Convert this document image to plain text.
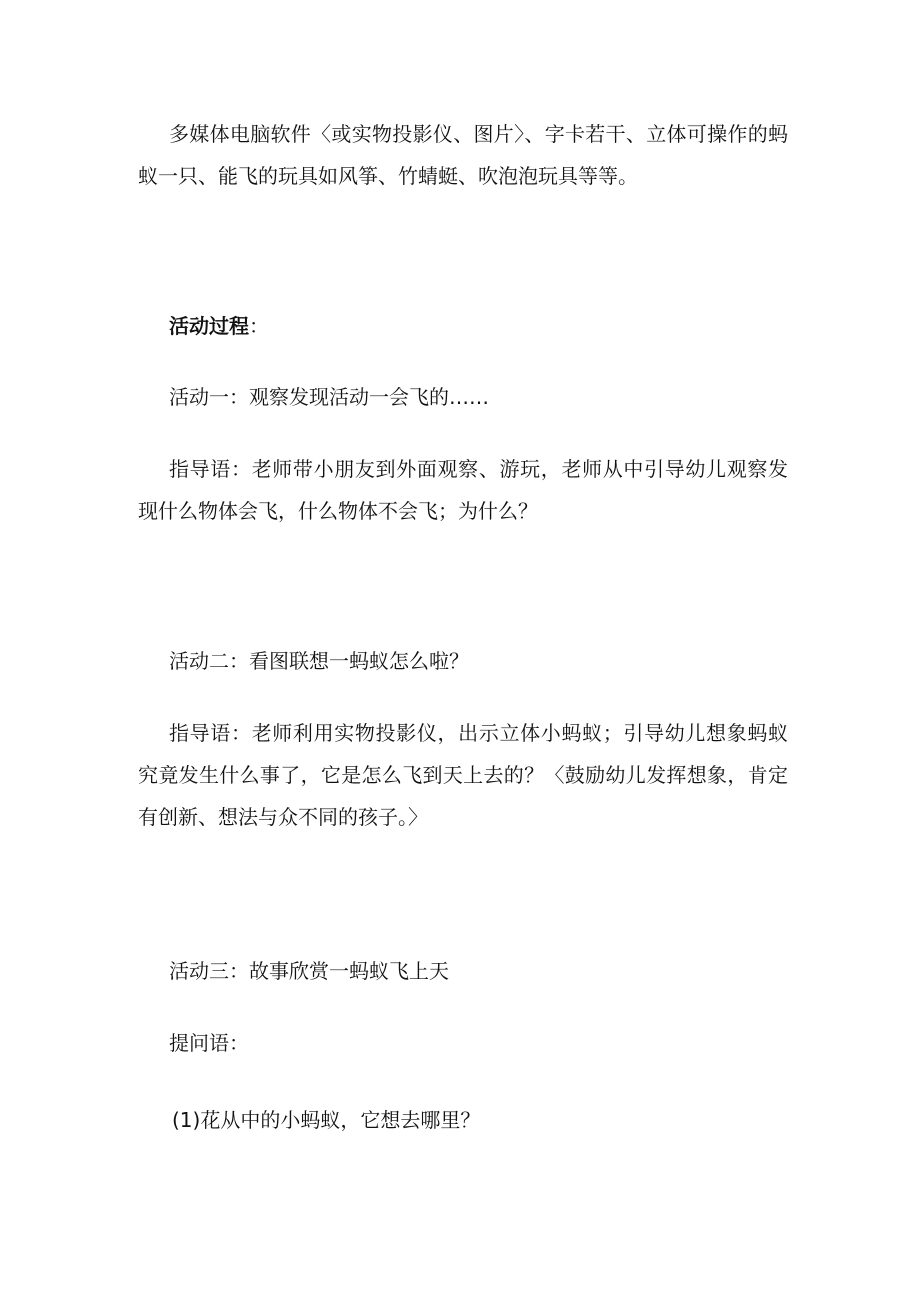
多媒体电脑软件〈或实物投影仪、图片〉、字卡若干、立体可操作的蚂蚁一只、能飞的玩具如风筝、竹蜻蜓、吹泡泡玩具等等。

活动过程：

活动一：观察发现活动一会飞的……

指导语：老师带小朋友到外面观察、游玩，老师从中引导幼儿观察发现什么物体会飞，什么物体不会飞；为什么？

活动二：看图联想一蚂蚁怎么啦？

指导语：老师利用实物投影仪，出示立体小蚂蚁；引导幼儿想象蚂蚁究竟发生什么事了，它是怎么飞到天上去的？〈鼓励幼儿发挥想象，肯定有创新、想法与众不同的孩子。〉

活动三：故事欣赏一蚂蚁飞上天

提问语：

(1)花从中的小蚂蚁，它想去哪里？
